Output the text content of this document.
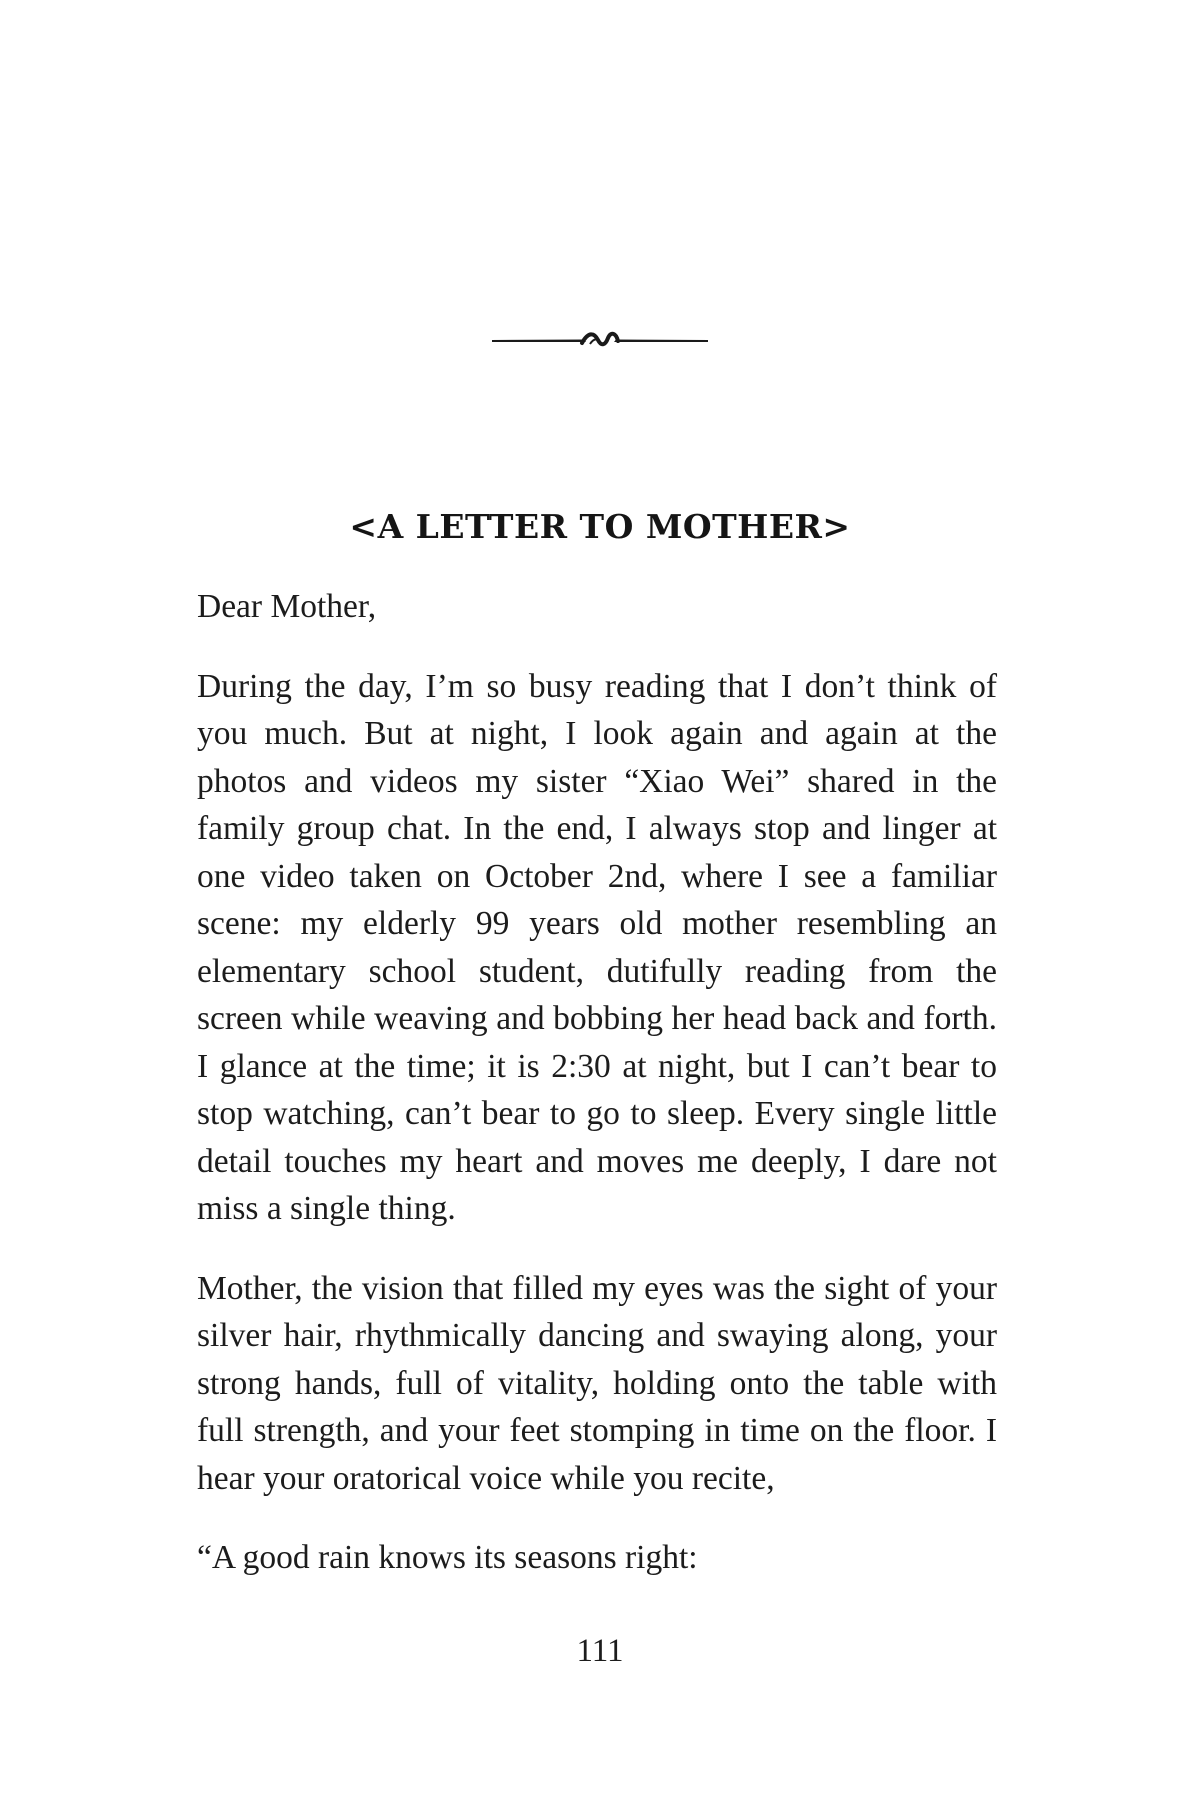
<A LETTER TO MOTHER>

Dear Mother,

During the day, I’m so busy reading that I don’t think of you much. But at night, I look again and again at the photos and videos my sister “Xiao Wei” shared in the family group chat. In the end, I always stop and linger at one video taken on October 2nd, where I see a familiar scene: my elderly 99 years old mother resembling an elementary school student, dutifully reading from the screen while weaving and bobbing her head back and forth. I glance at the time; it is 2:30 at night, but I can’t bear to stop watching, can’t bear to go to sleep. Every single little detail touches my heart and moves me deeply, I dare not miss a single thing.

Mother, the vision that filled my eyes was the sight of your silver hair, rhythmically dancing and swaying along, your strong hands, full of vitality, holding onto the table with full strength, and your feet stomping in time on the floor. I hear your oratorical voice while you recite,

“A good rain knows its seasons right:

111
